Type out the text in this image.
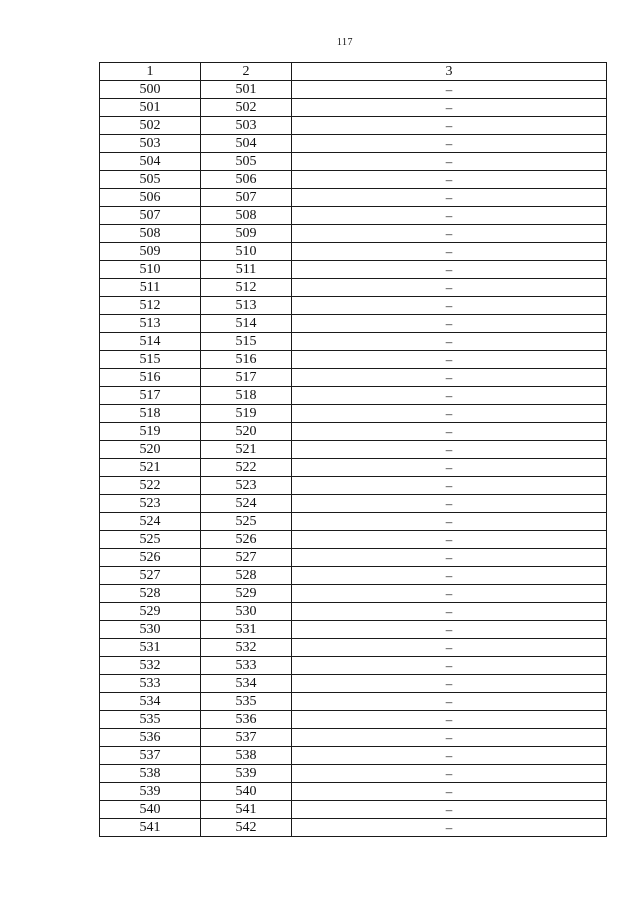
117
1	2	3
500	501	–
501	502	–
502	503	–
503	504	–
504	505	–
505	506	–
506	507	–
507	508	–
508	509	–
509	510	–
510	511	–
511	512	–
512	513	–
513	514	–
514	515	–
515	516	–
516	517	–
517	518	–
518	519	–
519	520	–
520	521	–
521	522	–
522	523	–
523	524	–
524	525	–
525	526	–
526	527	–
527	528	–
528	529	–
529	530	–
530	531	–
531	532	–
532	533	–
533	534	–
534	535	–
535	536	–
536	537	–
537	538	–
538	539	–
539	540	–
540	541	–
541	542	–
